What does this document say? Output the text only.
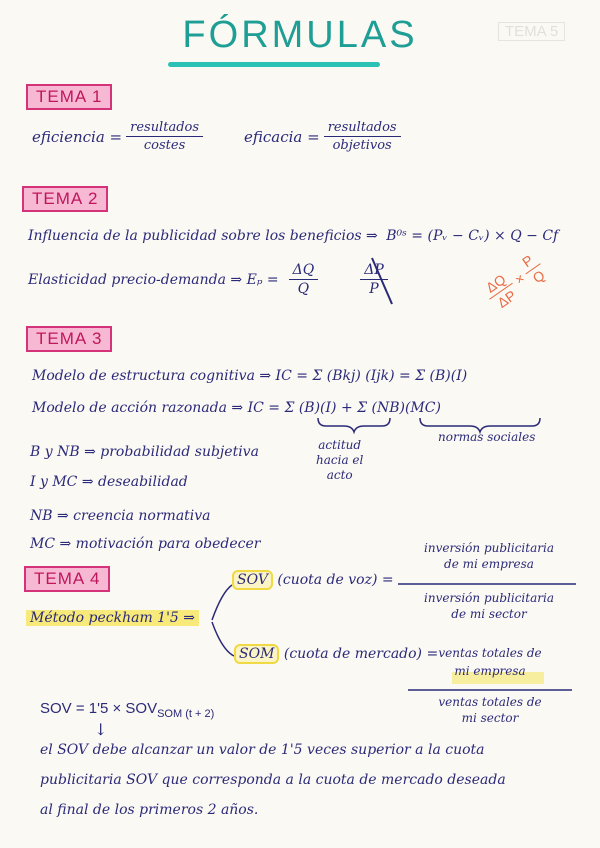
TEMA 5
FÓRMULAS
TEMA 1
eficiencia = $\frac{\text{resultados}}{\text{costes}}$	eficacia = $\frac{\text{resultados}}{\text{objetivos}}$
TEMA 2
Influencia de la publicidad sobre los beneficios ⇒ B⁰ˢ = (Pᵥ − Cᵥ) × Q − Cf
Elasticidad precio-demanda ⇒ $E_p = \frac{\Delta Q}{Q}$	$\frac{\Delta P}{P}$	ΔQ
ΔP
×
P
Q
TEMA 3
Modelo de estructura cognitiva ⇒ IC = Σ (Bkj) (Ijk) = Σ (B)(I)
Modelo de acción razonada ⇒ IC = Σ (B)(I) + Σ (NB)(MC)
actitud
hacia el
acto
normas sociales
B y NB ⇒ probabilidad subjetiva
I y MC ⇒ deseabilidad
NB ⇒ creencia normativa
MC ⇒ motivación para obedecer
TEMA 4
Método peckham 1'5 ⇒
SOV (cuota de voz) =
inversión publicitaria
de mi empresa
inversión publicitaria
de mi sector
SOM (cuota de mercado) = ventas totales de
mi empresa
ventas totales de
mi sector
SOV = $1'5 \times SOV_{SOM (t + 2)}$
↓
el SOV debe alcanzar un valor de 1'5 veces superior a la cuota
publicitaria SOV que corresponda a la cuota de mercado deseada
al final de los primeros 2 años.
